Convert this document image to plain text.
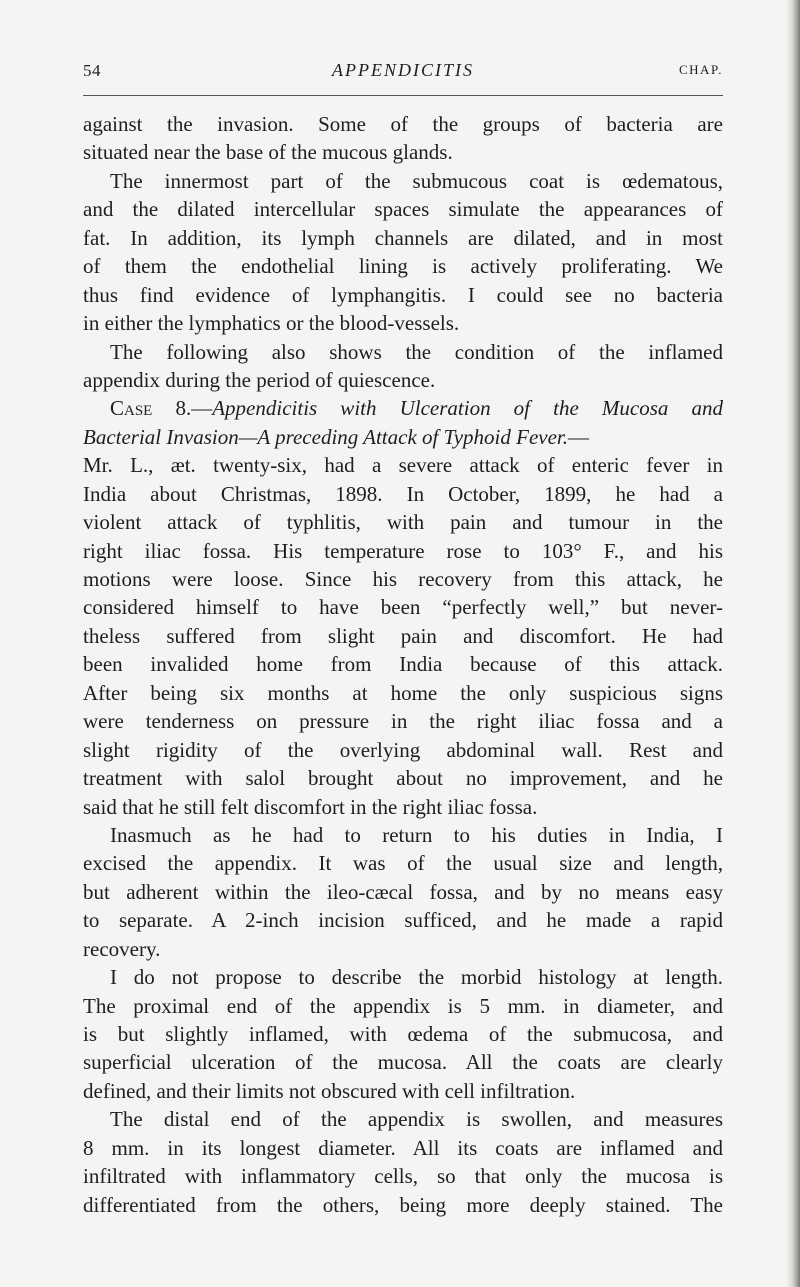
54	APPENDICITIS	CHAP.
against the invasion. Some of the groups of bacteria are
situated near the base of the mucous glands.
The innermost part of the submucous coat is œdematous,
and the dilated intercellular spaces simulate the appearances of
fat. In addition, its lymph channels are dilated, and in most
of them the endothelial lining is actively proliferating. We
thus find evidence of lymphangitis. I could see no bacteria
in either the lymphatics or the blood-vessels.
The following also shows the condition of the inflamed
appendix during the period of quiescence.
Case 8.—Appendicitis with Ulceration of the Mucosa and
Bacterial Invasion—A preceding Attack of Typhoid Fever.—
Mr. L., æt. twenty-six, had a severe attack of enteric fever in
India about Christmas, 1898. In October, 1899, he had a
violent attack of typhlitis, with pain and tumour in the
right iliac fossa. His temperature rose to 103° F., and his
motions were loose. Since his recovery from this attack, he
considered himself to have been “perfectly well,” but never-
theless suffered from slight pain and discomfort. He had
been invalided home from India because of this attack.
After being six months at home the only suspicious signs
were tenderness on pressure in the right iliac fossa and a
slight rigidity of the overlying abdominal wall. Rest and
treatment with salol brought about no improvement, and he
said that he still felt discomfort in the right iliac fossa.
Inasmuch as he had to return to his duties in India, I
excised the appendix. It was of the usual size and length,
but adherent within the ileo-cæcal fossa, and by no means easy
to separate. A 2-inch incision sufficed, and he made a rapid
recovery.
I do not propose to describe the morbid histology at length.
The proximal end of the appendix is 5 mm. in diameter, and
is but slightly inflamed, with œdema of the submucosa, and
superficial ulceration of the mucosa. All the coats are clearly
defined, and their limits not obscured with cell infiltration.
The distal end of the appendix is swollen, and measures
8 mm. in its longest diameter. All its coats are inflamed and
infiltrated with inflammatory cells, so that only the mucosa is
differentiated from the others, being more deeply stained. The
